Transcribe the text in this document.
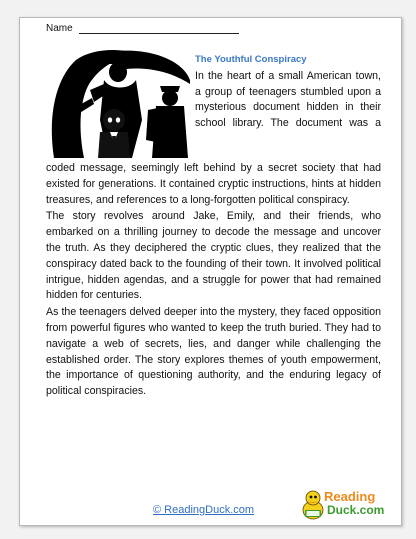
Name
The Youthful Conspiracy
In the heart of a small American town, a group of teenagers stumbled upon a mysterious document hidden in their school library. The document was a

coded message, seemingly left behind by a secret society that had existed for generations. It contained cryptic instructions, hints at hidden treasures, and references to a long-forgotten political conspiracy.

The story revolves around Jake, Emily, and their friends, who embarked on a thrilling journey to decode the message and uncover the truth. As they deciphered the cryptic clues, they realized that the conspiracy dated back to the founding of their town. It involved political intrigue, hidden agendas, and a struggle for power that had remained hidden for centuries.

As the teenagers delved deeper into the mystery, they faced opposition from powerful figures who wanted to keep the truth buried. They had to navigate a web of secrets, lies, and danger while challenging the established order. The story explores themes of youth empowerment, the importance of questioning authority, and the enduring legacy of political conspiracies.

© ReadingDuck.com
Reading
Duck.com
